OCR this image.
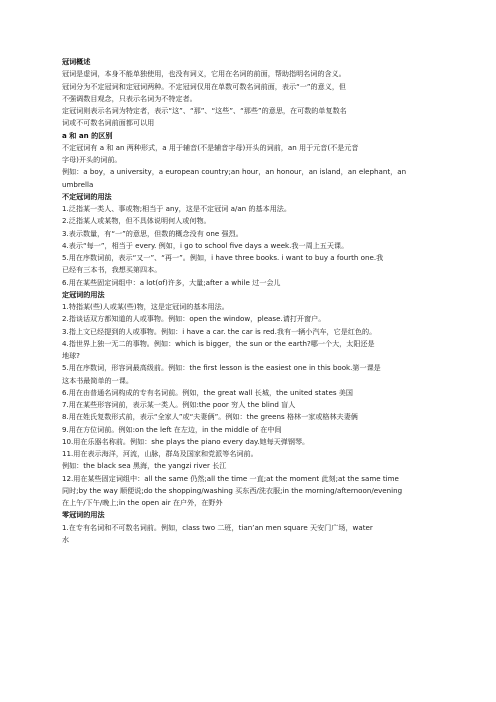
冠词概述
冠词是虚词，本身不能单独使用，也没有词义，它用在名词的前面，帮助指明名词的含义。
冠词分为不定冠词和定冠词两种。不定冠词仅用在单数可数名词前面，表示“一”的意义，但
不强调数目观念，只表示名词为不特定者。
定冠词则表示名词为特定者，表示“这”、“那”、“这些”、“那些”的意思，在可数的单复数名
词或不可数名词前面都可以用
a 和 an 的区别
不定冠词有 a 和 an 两种形式，a 用于辅音(不是辅音字母)开头的词前，an 用于元音(不是元音
字母)开头的词前。
例如：a boy，a university，a european country;an hour，an honour，an island，an elephant，an
umbrella
不定冠词的用法
1.泛指某一类人、事或物;相当于 any，这是不定冠词 a/an 的基本用法。
2.泛指某人或某物，但不具体说明何人或何物。
3.表示数量，有“一”的意思，但数的概念没有 one 强烈。
4.表示“每一”，相当于 every. 例如，i go to school five days a week.我一周上五天课。
5.用在序数词前，表示“又一”、“再一”。例如，i have three books. i want to buy a fourth one.我
已经有三本书，我想买第四本。
6.用在某些固定词组中：a lot(of)许多，大量;after a while 过一会儿
定冠词的用法
1.特指某(些)人或某(些)物，这是定冠词的基本用法。
2.指谈话双方都知道的人或事物。例如：open the window，please.请打开窗户。
3.指上文已经提到的人或事物。例如：i have a car. the car is red.我有一辆小汽车，它是红色的。
4.指世界上独一无二的事物。例如：which is bigger，the sun or the earth?哪一个大，太阳还是
地球?
5.用在序数词，形容词最高级前。例如：the first lesson is the easiest one in this book.第一课是
这本书最简单的一课。
6.用在由普通名词构成的专有名词前。例如，the great wall 长城，the united states 美国
7.用在某些形容词前，表示某一类人。例如:the poor 穷人 the blind 盲人
8.用在姓氏复数形式前，表示“全家人”或“夫妻俩”。例如：the greens 格林一家或格林夫妻俩
9.用在方位词前。例如:on the left 在左边，in the middle of 在中间
10.用在乐器名称前。例如：she plays the piano every day.她每天弹钢琴。
11.用在表示海洋，河流，山脉，群岛及国家和党派等名词前。
例如：the black sea 黑海，the yangzi river 长江
12.用在某些固定词组中：all the same 仍然;all the time 一直;at the moment 此刻;at the same time
同时;by the way 顺便说;do the shopping/washing 买东西/洗衣服;in the morning/afternoon/evening
在上午/下午/晚上;in the open air 在户外，在野外
零冠词的用法
1.在专有名词和不可数名词前。例如，class two 二班，tian’an men square 天安门广场，water
水
